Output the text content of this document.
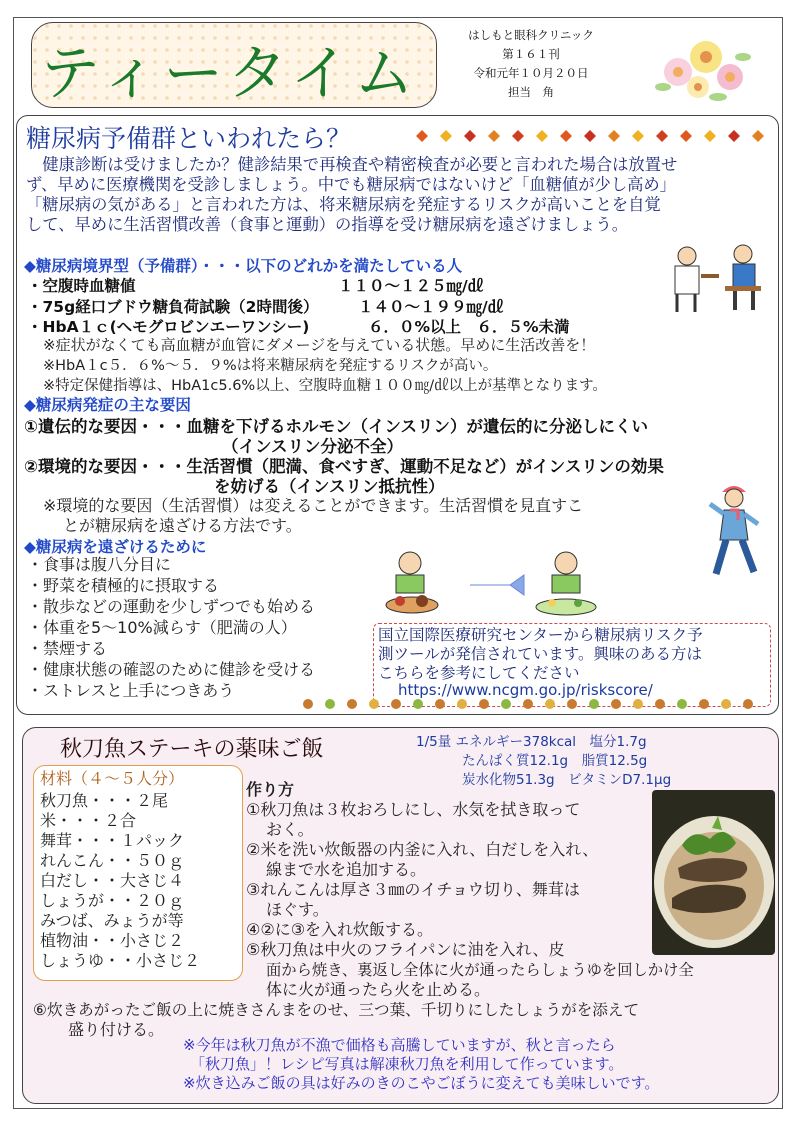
ティータイム
はしもと眼科クリニック
第１６１刊
令和元年１０月２０日
担当　角
糖尿病予備群といわれたら？
　健康診断は受けましたか？健診結果で再検査や精密検査が必要と言われた場合は放置せ
ず、早めに医療機関を受診しましょう。中でも糖尿病ではないけど「血糖値が少し高め」
「糖尿病の気がある」と言われた方は、将来糖尿病を発症するリスクが高いことを自覚
して、早めに生活習慣改善（食事と運動）の指導を受け糖尿病を遠ざけましょう。
◆糖尿病境界型（予備群）・・・以下のどれかを満たしている人
・空腹時血糖値	１１０～１２５㎎/㎗
・75g経口ブドウ糖負荷試験（2時間後）	１４０～１９９㎎/㎗
・HbA１ｃ(ヘモグロビンエーワンシー)	６．０%以上　６．５%未満
※症状がなくても高血糖が血管にダメージを与えている状態。早めに生活改善を！
※HbA１c５．６%～５．９%は将来糖尿病を発症するリスクが高い。
※特定保健指導は、HbA1c5.6%以上、空腹時血糖１００㎎/㎗以上が基準となります。
◆糖尿病発症の主な要因
①遺伝的な要因・・・血糖を下げるホルモン（インスリン）が遺伝的に分泌しにくい
（インスリン分泌不全）
②環境的な要因・・・生活習慣（肥満、食べすぎ、運動不足など）がインスリンの効果
を妨げる（インスリン抵抗性）
※環境的な要因（生活習慣）は変えることができます。生活習慣を見直すこ
とが糖尿病を遠ざける方法です。
◆糖尿病を遠ざけるために
・食事は腹八分目に
・野菜を積極的に摂取する
・散歩などの運動を少しずつでも始める
・体重を5～10%減らす（肥満の人）
・禁煙する
・健康状態の確認のために健診を受ける
・ストレスと上手につきあう
国立国際医療研究センターから糖尿病リスク予
測ツールが発信されています。興味のある方は
こちらを参考にしてください
https://www.ncgm.go.jp/riskscore/
秋刀魚ステーキの薬味ご飯	1/5量 エネルギー378kcal　塩分1.7g
たんぱく質12.1g　脂質12.5g
炭水化物51.3g　ビタミンD7.1μg
材料（４～５人分）
秋刀魚・・・２尾
米・・・２合
舞茸・・・１パック
れんこん・・５０ｇ
白だし・・大さじ４
しょうが・・２０ｇ
みつば、みょうが等
植物油・・小さじ２
しょうゆ・・小さじ２
作り方
①秋刀魚は３枚おろしにし、水気を拭き取って
おく。
②米を洗い炊飯器の内釜に入れ、白だしを入れ、
線まで水を追加する。
③れんこんは厚さ３㎜のイチョウ切り、舞茸は
ほぐす。
④②に③を入れ炊飯する。
⑤秋刀魚は中火のフライパンに油を入れ、皮
面から焼き、裏返し全体に火が通ったらしょうゆを回しかけ全
体に火が通ったら火を止める。
⑥炊きあがったご飯の上に焼きさんまをのせ、三つ葉、千切りにしたしょうがを添えて
盛り付ける。
※今年は秋刀魚が不漁で価格も高騰していますが、秋と言ったら
「秋刀魚」！レシピ写真は解凍秋刀魚を利用して作っています。
※炊き込みご飯の具は好みのきのこやごぼうに変えても美味しいです。
